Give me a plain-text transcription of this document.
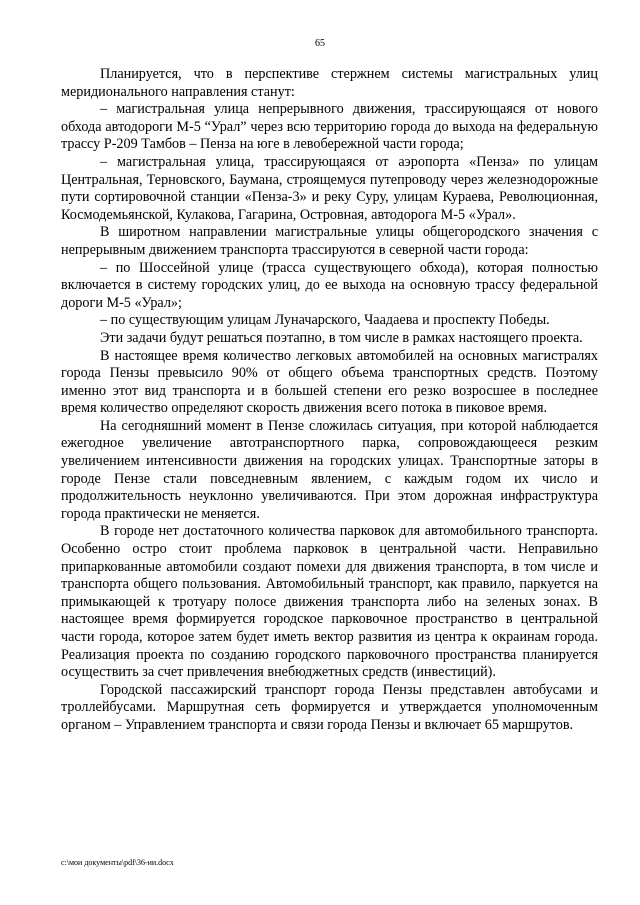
65

Планируется, что в перспективе стержнем системы магистральных улиц меридионального направления станут:

– магистральная улица непрерывного движения, трассирующаяся от нового обхода автодороги М-5 “Урал” через всю территорию города до выхода на федеральную трассу Р-209 Тамбов – Пенза на юге в левобережной части города;

– магистральная улица, трассирующаяся от аэропорта «Пенза» по улицам Центральная, Терновского, Баумана, строящемуся путепроводу через железнодорожные пути сортировочной станции «Пенза-3» и реку Суру, улицам Кураева, Революционная, Космодемьянской, Кулакова, Гагарина, Островная, автодорога М-5 «Урал».

В широтном направлении магистральные улицы общегородского значения с непрерывным движением транспорта трассируются в северной части города:

– по Шоссейной улице (трасса существующего обхода), которая полностью включается в систему городских улиц, до ее выхода на основную трассу федеральной дороги М-5 «Урал»;

– по существующим улицам Луначарского, Чаадаева и проспекту Победы.

Эти задачи будут решаться поэтапно, в том числе в рамках настоящего проекта.

В настоящее время количество легковых автомобилей на основных магистралях города Пензы превысило 90% от общего объема транспортных средств. Поэтому именно этот вид транспорта и в большей степени его резко возросшее в последнее время количество определяют скорость движения всего потока в пиковое время.

На сегодняшний момент в Пензе сложилась ситуация, при которой наблюдается ежегодное увеличение автотранспортного парка, сопровождающееся резким увеличением интенсивности движения на городских улицах. Транспортные заторы в городе Пензе стали повседневным явлением, с каждым годом их число и продолжительность неуклонно увеличиваются. При этом дорожная инфраструктура города практически не меняется.

В городе нет достаточного количества парковок для автомобильного транспорта. Особенно остро стоит проблема парковок в центральной части. Неправильно припаркованные автомобили создают помехи для движения транспорта, в том числе и транспорта общего пользования. Автомобильный транспорт, как правило, паркуется на примыкающей к тротуару полосе движения транспорта либо на зеленых зонах. В настоящее время формируется городское парковочное пространство в центральной части города, которое затем будет иметь вектор развития из центра к окраинам города. Реализация проекта по созданию городского парковочного пространства планируется осуществить за счет привлечения внебюджетных средств (инвестиций).

Городской пассажирский транспорт города Пензы представлен автобусами и троллейбусами. Маршрутная сеть формируется и утверждается уполномоченным органом – Управлением транспорта и связи города Пензы и включает 65 маршрутов.

c:\мои документы\pdf\36-ии.docx
